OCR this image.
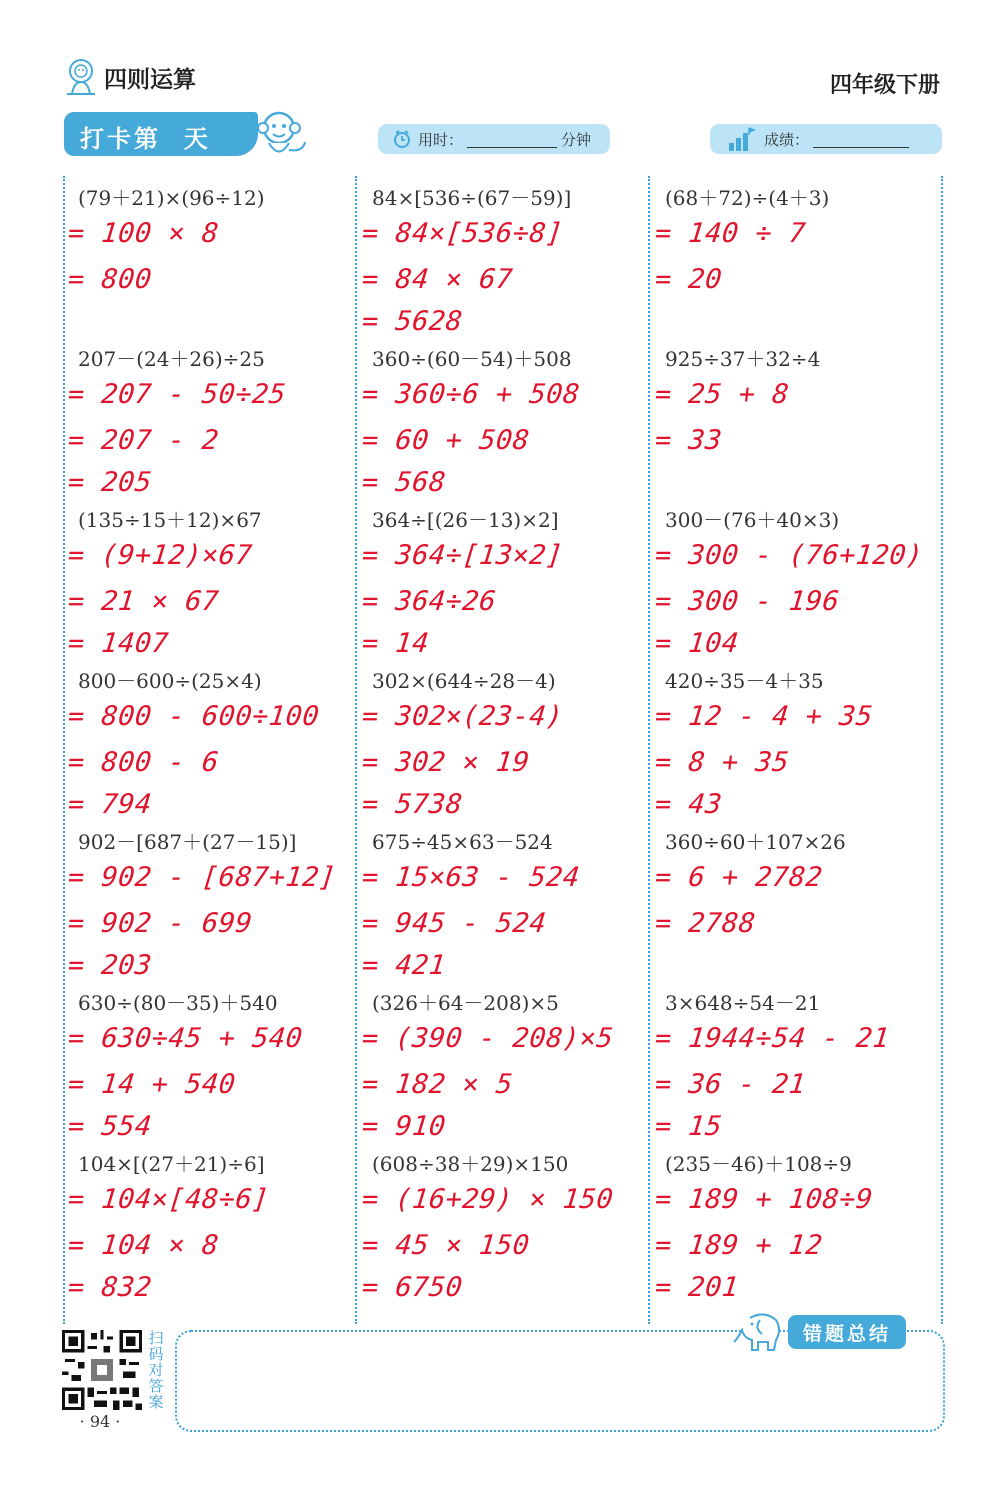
四则运算	四年级下册
打卡第  天	用时：	分钟	成绩：
(79＋21)×(96÷12)
= 100 × 8
= 800
84×[536÷(67－59)]
= 84×[536÷8]
= 84 × 67
= 5628
(68＋72)÷(4＋3)
= 140 ÷ 7
= 20
207－(24＋26)÷25
= 207 - 50÷25
= 207 - 2
= 205
360÷(60－54)＋508
= 360÷6 + 508
= 60 + 508
= 568
925÷37＋32÷4
= 25 + 8
= 33
(135÷15＋12)×67
= (9+12)×67
= 21 × 67
= 1407
364÷[(26－13)×2]
= 364÷[13×2]
= 364÷26
= 14
300－(76＋40×3)
= 300 - (76+120)
= 300 - 196
= 104
800－600÷(25×4)
= 800 - 600÷100
= 800 - 6
= 794
302×(644÷28－4)
= 302×(23-4)
= 302 × 19
= 5738
420÷35－4＋35
= 12 - 4 + 35
= 8 + 35
= 43
902－[687＋(27－15)]
= 902 - [687+12]
= 902 - 699
= 203
675÷45×63－524
= 15×63 - 524
= 945 - 524
= 421
360÷60＋107×26
= 6 + 2782
= 2788
630÷(80－35)＋540
= 630÷45 + 540
= 14 + 540
= 554
(326＋64－208)×5
= (390 - 208)×5
= 182 × 5
= 910
3×648÷54－21
= 1944÷54 - 21
= 36 - 21
= 15
104×[(27＋21)÷6]
= 104×[48÷6]
= 104 × 8
= 832
(608÷38＋29)×150
= (16+29) × 150
= 45 × 150
= 6750
(235－46)＋108÷9
= 189 + 108÷9
= 189 + 12
= 201
错题总结
扫码对答案
· 94 ·
